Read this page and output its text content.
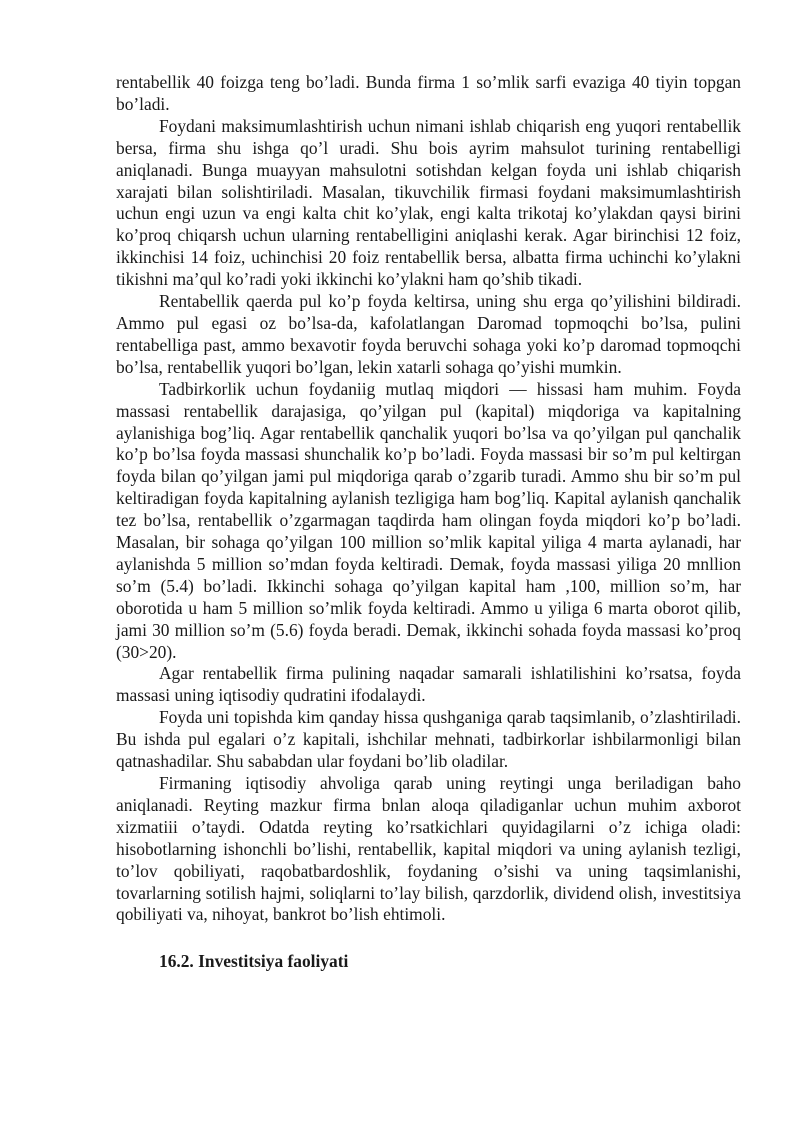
rentabellik 40 foizga teng bo’ladi. Bunda firma 1 so’mlik sarfi evaziga 40 tiyin topgan bo’ladi.

Foydani maksimumlashtirish uchun nimani ishlab chiqarish eng yuqori rentabellik bersa, firma shu ishga qo’l uradi. Shu bois ayrim mahsulot turining rentabelligi aniqlanadi. Bunga muayyan mahsulotni sotishdan kelgan foyda uni ishlab chiqarish xarajati bilan solishtiriladi. Masalan, tikuvchilik firmasi foydani maksimumlashtirish uchun engi uzun va engi kalta chit ko’ylak, engi kalta trikotaj ko’ylakdan qaysi birini ko’proq chiqarsh uchun ularning rentabelligini aniqlashi kerak. Agar birinchisi 12 foiz, ikkinchisi 14 foiz, uchinchisi 20 foiz rentabellik bersa, albatta firma uchinchi ko’ylakni tikishni ma’qul ko’radi yoki ikkinchi ko’ylakni ham qo’shib tikadi.

Rentabellik qaerda pul ko’p foyda keltirsa, uning shu erga qo’yilishini bildiradi. Ammo pul egasi oz bo’lsa-da, kafolatlangan Daromad topmoqchi bo’lsa, pulini rentabelliga past, ammo bexavotir foyda beruvchi sohaga yoki ko’p daromad topmoqchi bo’lsa, rentabellik yuqori bo’lgan, lekin xatarli sohaga qo’yishi mumkin.

Tadbirkorlik uchun foydaniig mutlaq miqdori — hissasi ham muhim. Foyda massasi rentabellik darajasiga, qo’yilgan pul (kapital) miqdoriga va kapitalning aylanishiga bog’liq. Agar rentabellik qanchalik yuqori bo’lsa va qo’yilgan pul qanchalik ko’p bo’lsa foyda massasi shunchalik ko’p bo’ladi. Foyda massasi bir so’m pul keltirgan foyda bilan qo’yilgan jami pul miqdoriga qarab o’zgarib turadi. Ammo shu bir so’m pul keltiradigan foyda kapitalning aylanish tezligiga ham bog’liq. Kapital aylanish qanchalik tez bo’lsa, rentabellik o’zgarmagan taqdirda ham olingan foyda miqdori ko’p bo’ladi. Masalan, bir sohaga qo’yilgan 100 million so’mlik kapital yiliga 4 marta aylanadi, har aylanishda 5 million so’mdan foyda keltiradi. Demak, foyda massasi yiliga 20 mnllion so’m (5.4) bo’ladi. Ikkinchi sohaga qo’yilgan kapital ham ,100, million so’m, har oborotida u ham 5 million so’mlik foyda keltiradi. Ammo u yiliga 6 marta oborot qilib, jami 30 million so’m (5.6) foyda beradi. Demak, ikkinchi sohada foyda massasi ko’proq (30>20).

Agar rentabellik firma pulining naqadar samarali ishlatilishini ko’rsatsa, foyda massasi uning iqtisodiy qudratini ifodalaydi.

Foyda uni topishda kim qanday hissa qushganiga qarab taqsimlanib, o’zlashtiriladi. Bu ishda pul egalari o’z kapitali, ishchilar mehnati, tadbirkorlar ishbilarmonligi bilan qatnashadilar. Shu sababdan ular foydani bo’lib oladilar.

Firmaning iqtisodiy ahvoliga qarab uning reytingi unga beriladigan baho aniqlanadi. Reyting mazkur firma bnlan aloqa qiladiganlar uchun muhim axborot xizmatiii o’taydi. Odatda reyting ko’rsatkichlari quyidagilarni o’z ichiga oladi: hisobotlarning ishonchli bo’lishi, rentabellik, kapital miqdori va uning aylanish tezligi, to’lov qobiliyati, raqobatbardoshlik, foydaning o’sishi va uning taqsimlanishi, tovarlarning sotilish hajmi, soliqlarni to’lay bilish, qarzdorlik, dividend olish, investitsiya qobiliyati va, nihoyat, bankrot bo’lish ehtimoli.

16.2. Investitsiya faoliyati
